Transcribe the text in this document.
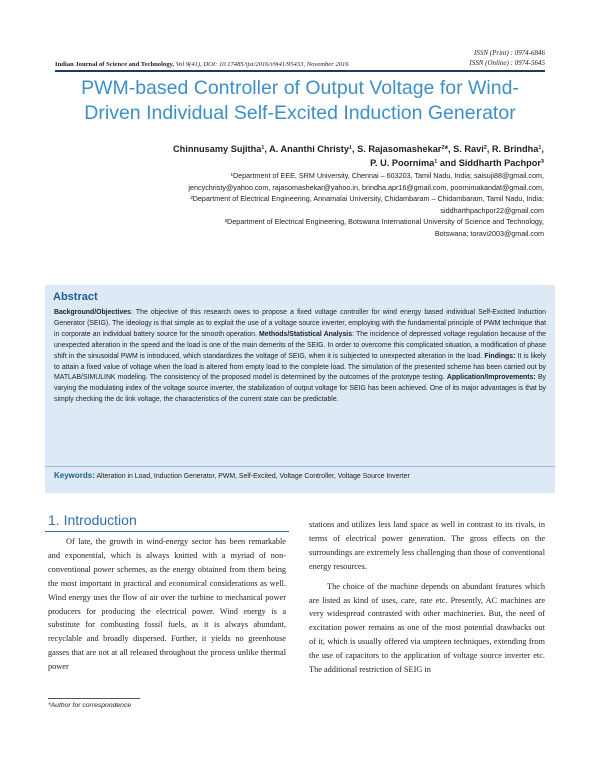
ISSN (Print) : 0974-6846
ISSN (Online) : 0974-5645
Indian Journal of Science and Technology, Vol 9(41), DOI: 10.17485/ijst/2016/v9i41/95433, November 2016
PWM-based Controller of Output Voltage for Wind-
Driven Individual Self-Excited Induction Generator
Chinnusamy Sujitha¹, A. Ananthi Christy¹, S. Rajasomashekar²*, S. Ravi², R. Brindha¹,
P. U. Poornima¹ and Siddharth Pachpor³

¹Department of EEE, SRM University, Chennai – 603203, Tamil Nadu, India; saisuji88@gmail.com,

jencychristy@yahoo.com, rajasomashekar@yahoo.in, brindha.apr16@gmail.com, poornimakandat@gmail.com,

²Department of Electrical Engineering, Annamalai University, Chidambaram – Chidambaram, Tamil Nadu, India;

siddharthpachpor22@gmail.com

³Department of Electrical Engineering, Botswana International University of Science and Technology,

Botswana; toravi2003@gmail.com

Abstract
Background/Objectives: The objective of this research owes to propose a fixed voltage controller for wind energy based individual Self-Excited Induction Generator (SEIG). The ideology is that simple as to exploit the use of a voltage source inverter, employing with the fundamental principle of PWM technique that in corporate an individual battery source for the smooth operation. Methods/Statistical Analysis: The incidence of depressed voltage regulation because of the unexpected alteration in the speed and the load is one of the main demerits of the SEIG. In order to overcome this complicated situation, a modification of phase shift in the sinusoidal PWM is introduced, which standardizes the voltage of SEIG, when it is subjected to unexpected alteration in the load. Findings: It is likely to attain a fixed value of voltage when the load is altered from empty load to the complete load. The simulation of the presented scheme has been carried out by MATLAB/SIMULINK modeling. The consistency of the proposed model is determined by the outcomes of the prototype testing. Application/Improvements: By varying the modulating index of the voltage source inverter, the stabilization of output voltage for SEIG has been achieved. One of its major advantages is that by simply checking the dc link voltage, the characteristics of the current state can be predictable.
Keywords: Alteration in Load, Induction Generator, PWM, Self-Excited, Voltage Controller, Voltage Source Inverter
1. Introduction

Of late, the growth in wind-energy sector has been remarkable and exponential, which is always knitted with a myriad of non-conventional power schemes, as the energy obtained from them being the most important in practical and economical considerations as well. Wind energy uses the flow of air over the turbine to mechanical power producers for producing the electrical power. Wind energy is a substitute for combusting fossil fuels, as it is always abundant, recyclable and broadly dispersed. Further, it yields no greenhouse gasses that are not at all released throughout the process unlike thermal power

stations and utilizes less land space as well in contrast to its rivals, in terms of electrical power generation. The gross effects on the surroundings are extremely less challenging than those of conventional energy resources.

The choice of the machine depends on abundant features which are listed as kind of uses, care, rate etc. Presently, AC machines are very widespread contrasted with other machineries. But, the need of excitation power remains as one of the most potential drawbacks out of it, which is usually offered via umpteen techniques, extending from the use of capacitors to the application of voltage source inverter etc. The additional restriction of SEIG in

*Author for correspondence
